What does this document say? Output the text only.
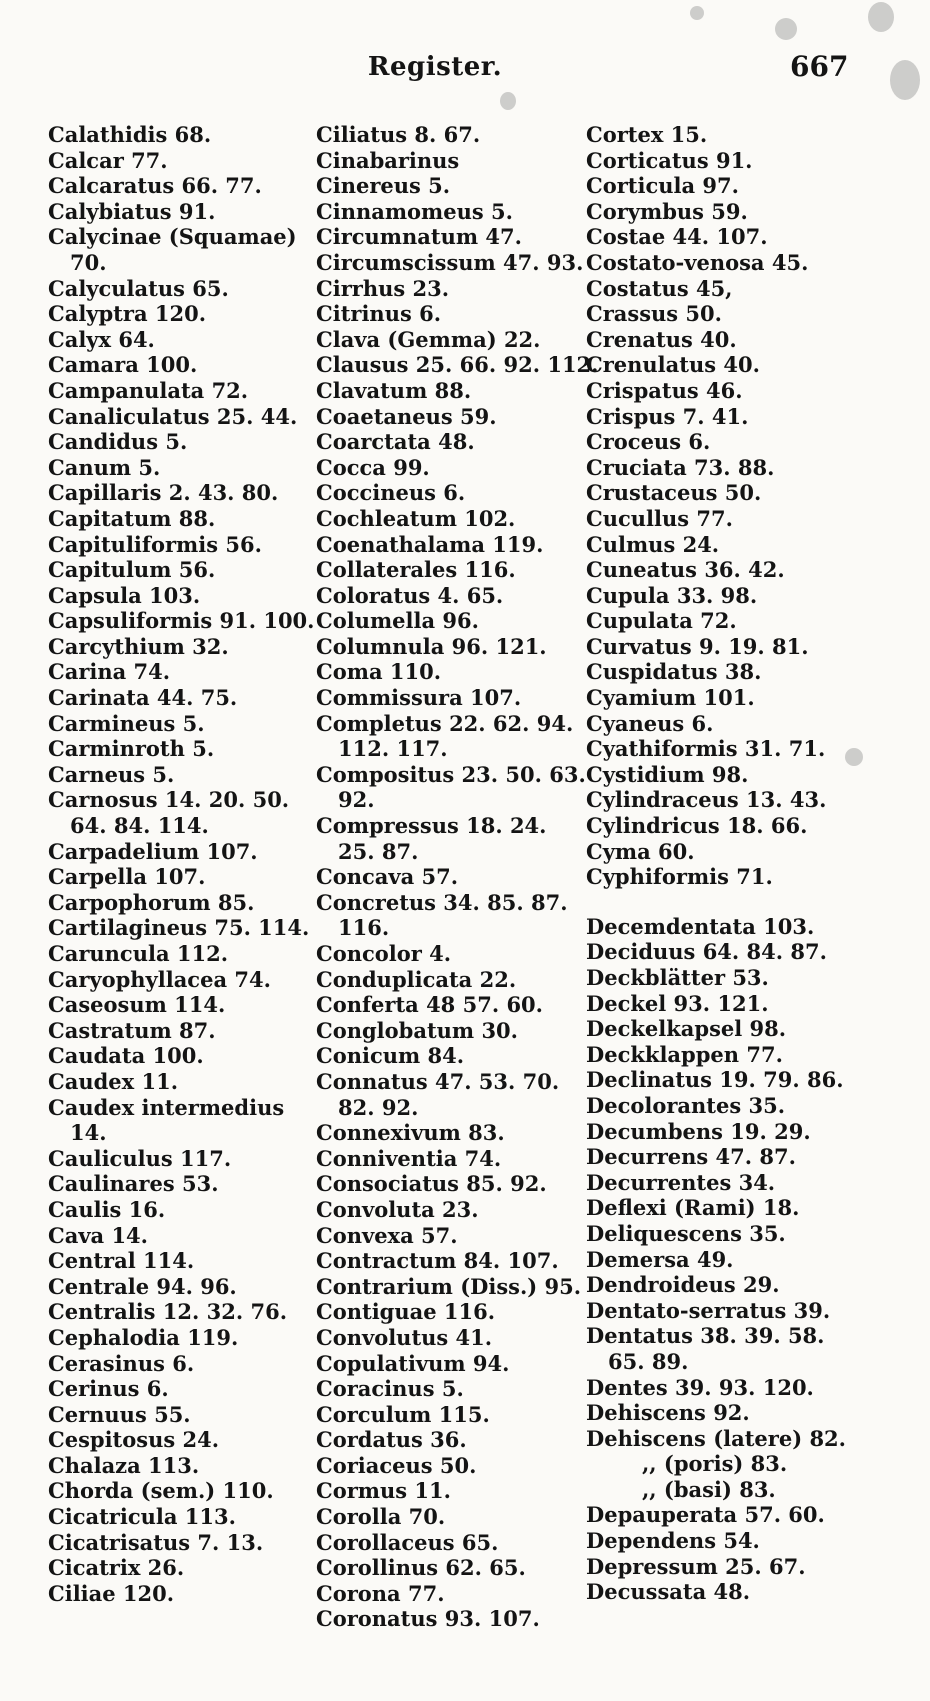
Register.	667
Calathidis 68.
Calcar 77.
Calcaratus 66. 77.
Calybiatus 91.
Calycinae (Squamae)
70.
Calyculatus 65.
Calyptra 120.
Calyx 64.
Camara 100.
Campanulata 72.
Canaliculatus 25. 44.
Candidus 5.
Canum 5.
Capillaris 2. 43. 80.
Capitatum 88.
Capituliformis 56.
Capitulum 56.
Capsula 103.
Capsuliformis 91. 100.
Carcythium 32.
Carina 74.
Carinata 44. 75.
Carmineus 5.
Carminroth 5.
Carneus 5.
Carnosus 14. 20. 50.
64. 84. 114.
Carpadelium 107.
Carpella 107.
Carpophorum 85.
Cartilagineus 75. 114.
Caruncula 112.
Caryophyllacea 74.
Caseosum 114.
Castratum 87.
Caudata 100.
Caudex 11.
Caudex intermedius
14.
Cauliculus 117.
Caulinares 53.
Caulis 16.
Cava 14.
Central 114.
Centrale 94. 96.
Centralis 12. 32. 76.
Cephalodia 119.
Cerasinus 6.
Cerinus 6.
Cernuus 55.
Cespitosus 24.
Chalaza 113.
Chorda (sem.) 110.
Cicatricula 113.
Cicatrisatus 7. 13.
Cicatrix 26.
Ciliae 120.
Ciliatus 8. 67.
Cinabarinus
Cinereus 5.
Cinnamomeus 5.
Circumnatum 47.
Circumscissum 47. 93.
Cirrhus 23.
Citrinus 6.
Clava (Gemma) 22.
Clausus 25. 66. 92. 112.
Clavatum 88.
Coaetaneus 59.
Coarctata 48.
Cocca 99.
Coccineus 6.
Cochleatum 102.
Coenathalama 119.
Collaterales 116.
Coloratus 4. 65.
Columella 96.
Columnula 96. 121.
Coma 110.
Commissura 107.
Completus 22. 62. 94.
112. 117.
Compositus 23. 50. 63.
92.
Compressus 18. 24.
25. 87.
Concava 57.
Concretus 34. 85. 87.
116.
Concolor 4.
Conduplicata 22.
Conferta 48 57. 60.
Conglobatum 30.
Conicum 84.
Connatus 47. 53. 70.
82. 92.
Connexivum 83.
Conniventia 74.
Consociatus 85. 92.
Convoluta 23.
Convexa 57.
Contractum 84. 107.
Contrarium (Diss.) 95.
Contiguae 116.
Convolutus 41.
Copulativum 94.
Coracinus 5.
Corculum 115.
Cordatus 36.
Coriaceus 50.
Cormus 11.
Corolla 70.
Corollaceus 65.
Corollinus 62. 65.
Corona 77.
Coronatus 93. 107.
Cortex 15.
Corticatus 91.
Corticula 97.
Corymbus 59.
Costae 44. 107.
Costato-venosa 45.
Costatus 45,
Crassus 50.
Crenatus 40.
Crenulatus 40.
Crispatus 46.
Crispus 7. 41.
Croceus 6.
Cruciata 73. 88.
Crustaceus 50.
Cucullus 77.
Culmus 24.
Cuneatus 36. 42.
Cupula 33. 98.
Cupulata 72.
Curvatus 9. 19. 81.
Cuspidatus 38.
Cyamium 101.
Cyaneus 6.
Cyathiformis 31. 71.
Cystidium 98.
Cylindraceus 13. 43.
Cylindricus 18. 66.
Cyma 60.
Cyphiformis 71.
Decemdentata 103.
Deciduus 64. 84. 87.
Deckblätter 53.
Deckel 93. 121.
Deckelkapsel 98.
Deckklappen 77.
Declinatus 19. 79. 86.
Decolorantes 35.
Decumbens 19. 29.
Decurrens 47. 87.
Decurrentes 34.
Deflexi (Rami) 18.
Deliquescens 35.
Demersa 49.
Dendroideus 29.
Dentato-serratus 39.
Dentatus 38. 39. 58.
65. 89.
Dentes 39. 93. 120.
Dehiscens 92.
Dehiscens (latere) 82.
,, (poris) 83.
,, (basi) 83.
Depauperata 57. 60.
Dependens 54.
Depressum 25. 67.
Decussata 48.
